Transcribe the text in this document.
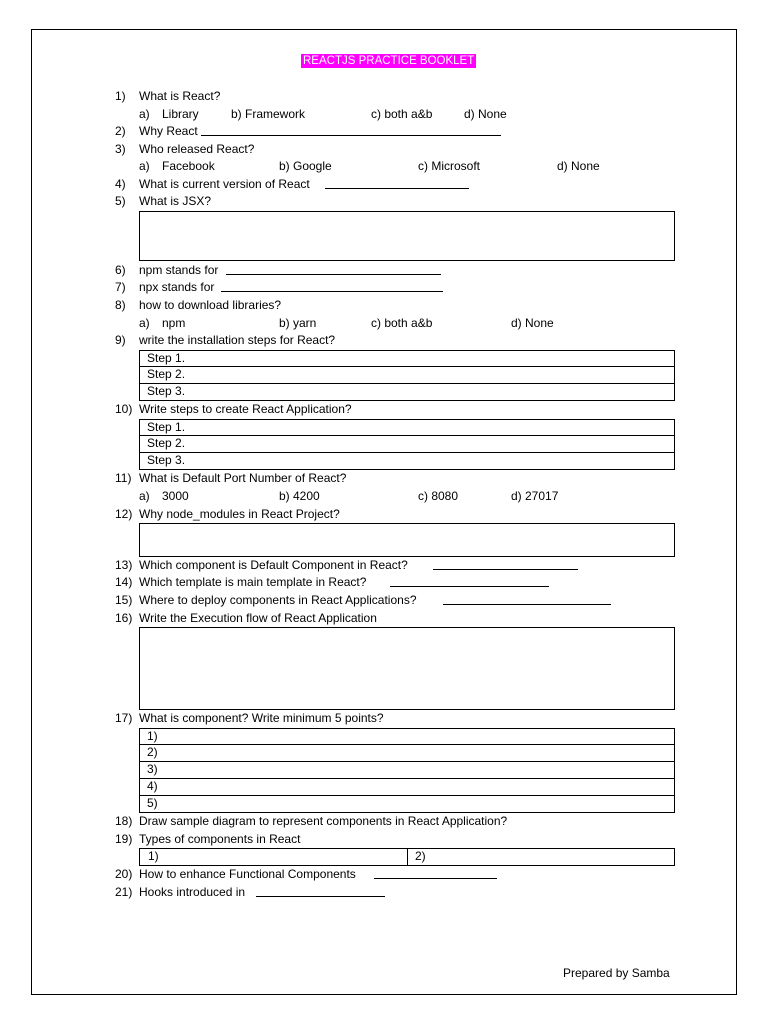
REACTJS PRACTICE BOOKLET
1) What is React?
a) Library	b) Framework	c) both a&b	d) None
2) Why React
3) Who released React?
a) Facebook	b) Google	c) Microsoft	d) None
4) What is current version of React
5) What is JSX?
6) npm stands for
7) npx stands for
8) how to download libraries?
a) npm	b) yarn	c) both a&b	d) None
9) write the installation steps for React?
Step 1.
Step 2.
Step 3.
10) Write steps to create React Application?
Step 1.
Step 2.
Step 3.
11) What is Default Port Number of React?
a) 3000	b) 4200	c) 8080	d) 27017
12) Why node_modules in React Project?
13) Which component is Default Component in React?
14) Which template is main template in React?
15) Where to deploy components in React Applications?
16) Write the Execution flow of React Application
17) What is component? Write minimum 5 points?
1)
2)
3)
4)
5)
18) Draw sample diagram to represent components in React Application?
19) Types of components in React
1)	2)
20) How to enhance Functional Components
21) Hooks introduced in
Prepared by Samba
